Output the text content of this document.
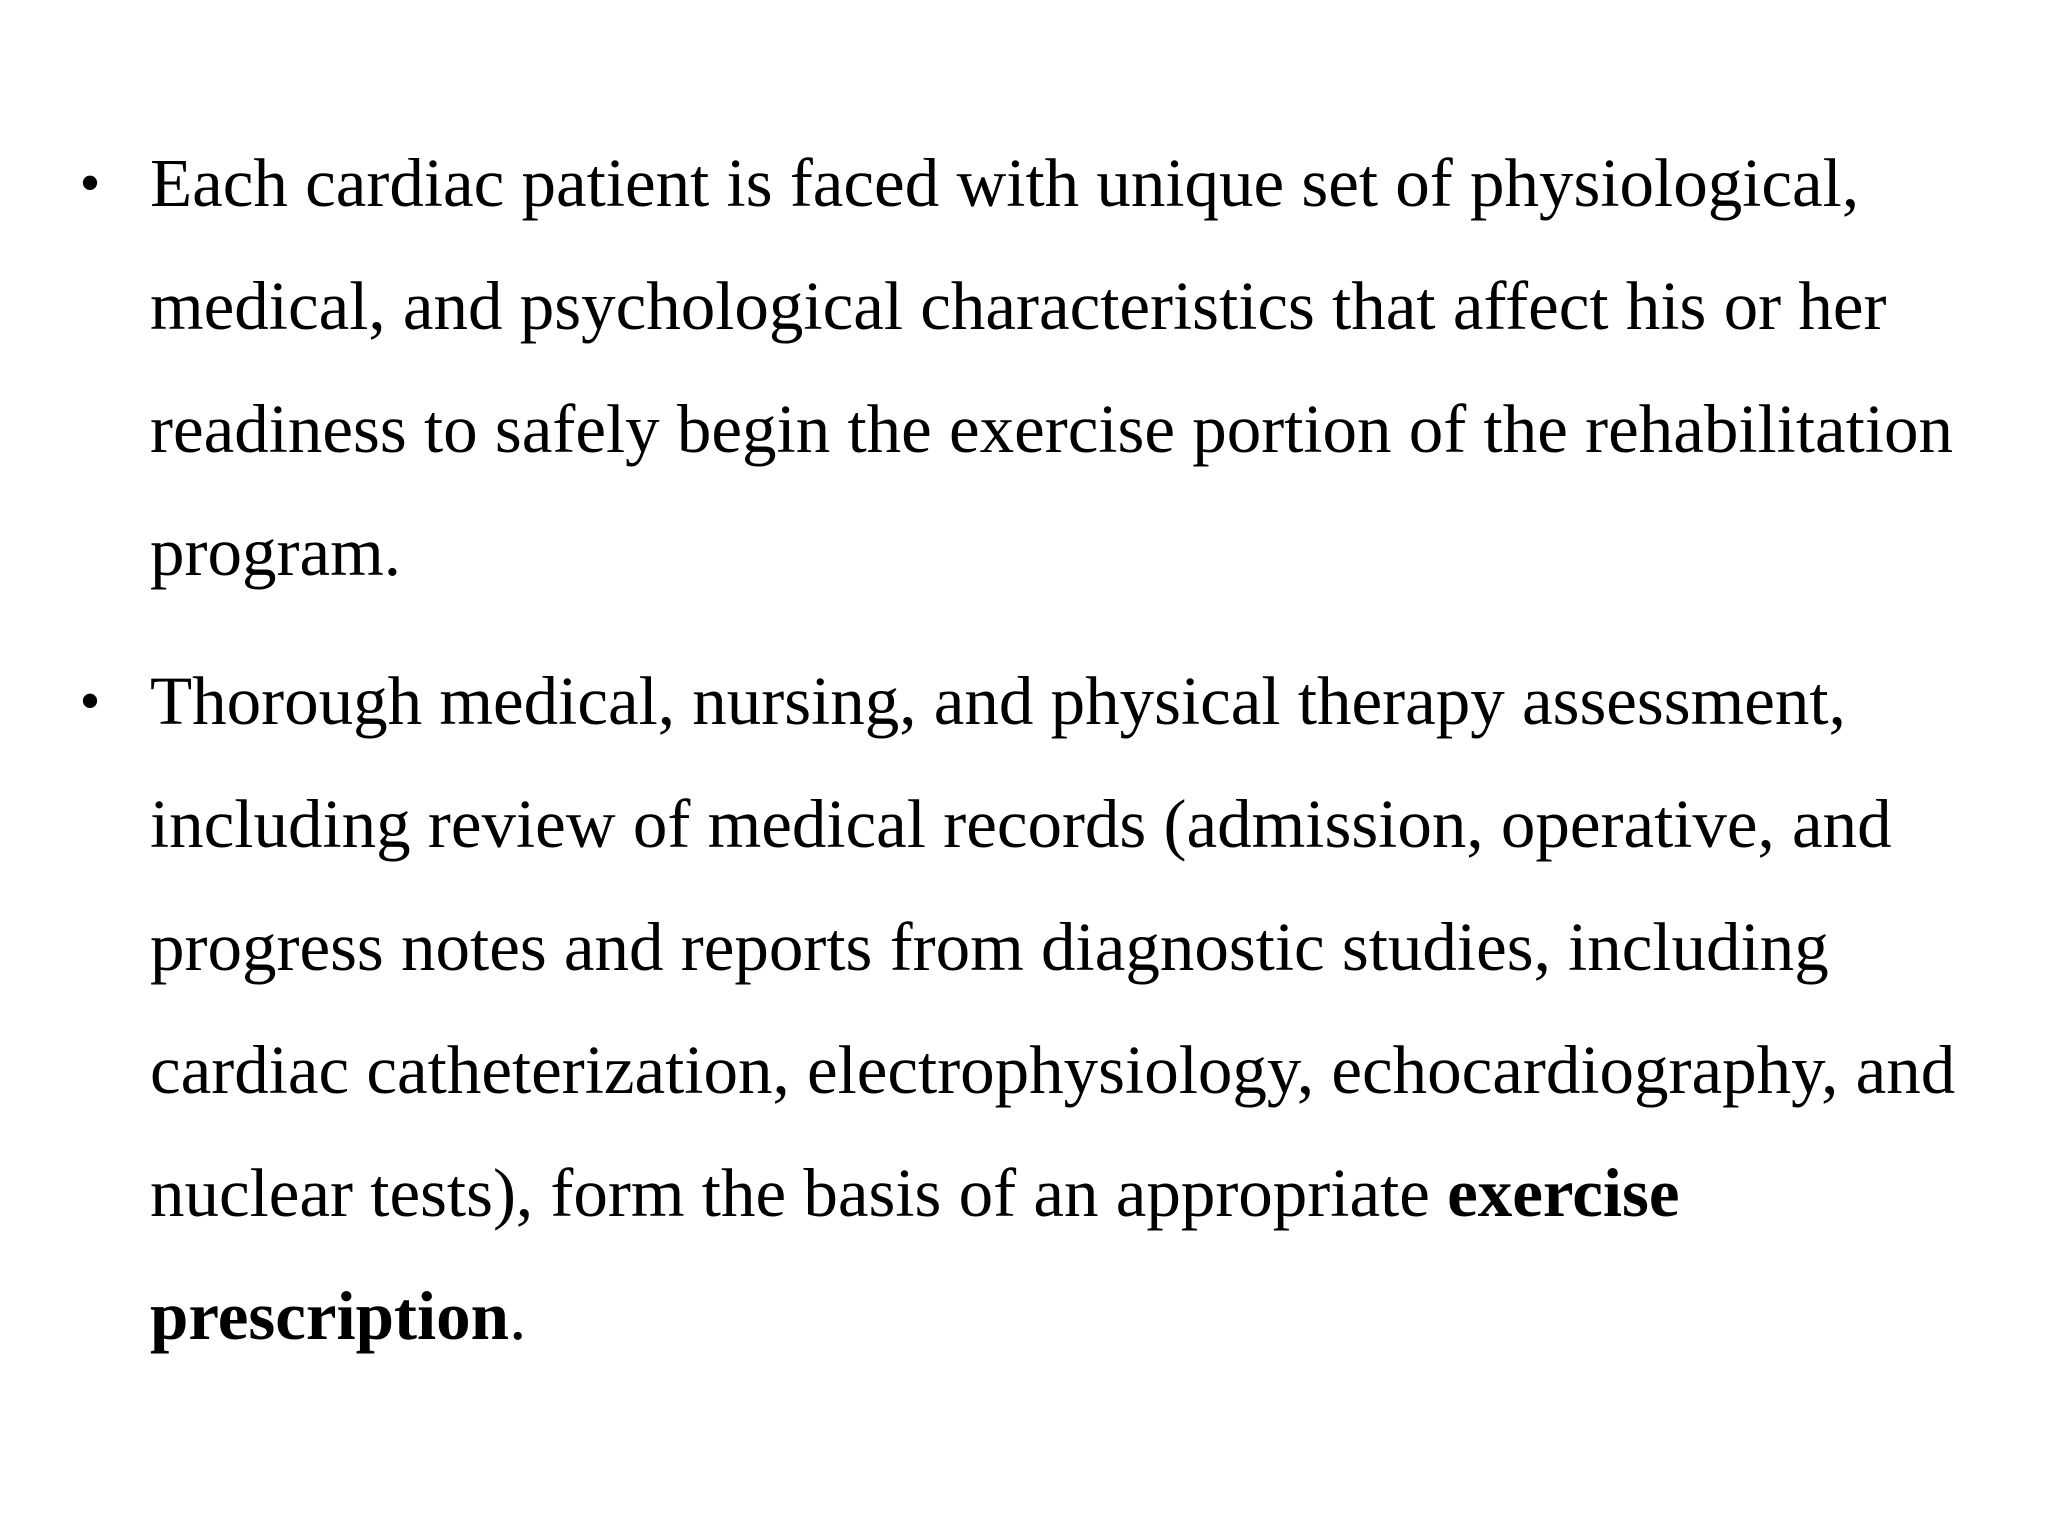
• Each cardiac patient is faced with unique set of physiological, medical, and psychological characteristics that affect his or her readiness to safely begin the exercise portion of the rehabilitation program.
• Thorough medical, nursing, and physical therapy assessment, including review of medical records (admission, operative, and progress notes and reports from diagnostic studies, including cardiac catheterization, electrophysiology, echocardiography, and nuclear tests), form the basis of an appropriate exercise prescription.
